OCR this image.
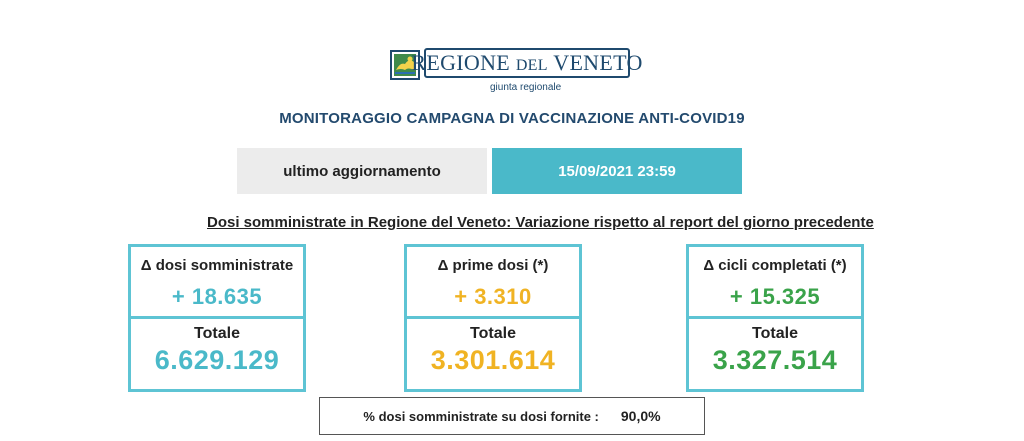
REGIONE DEL VENETO
giunta regionale
MONITORAGGIO CAMPAGNA DI VACCINAZIONE ANTI-COVID19
ultimo aggiornamento	15/09/2021 23:59
Dosi somministrate in Regione del Veneto: Variazione rispetto al report del giorno precedente
Δ dosi somministrate
+ 18.635
Totale
6.629.129
Δ prime dosi (*)
+ 3.310
Totale
3.301.614
Δ cicli completati (*)
+ 15.325
Totale
3.327.514
% dosi somministrate su dosi fornite : 90,0%
